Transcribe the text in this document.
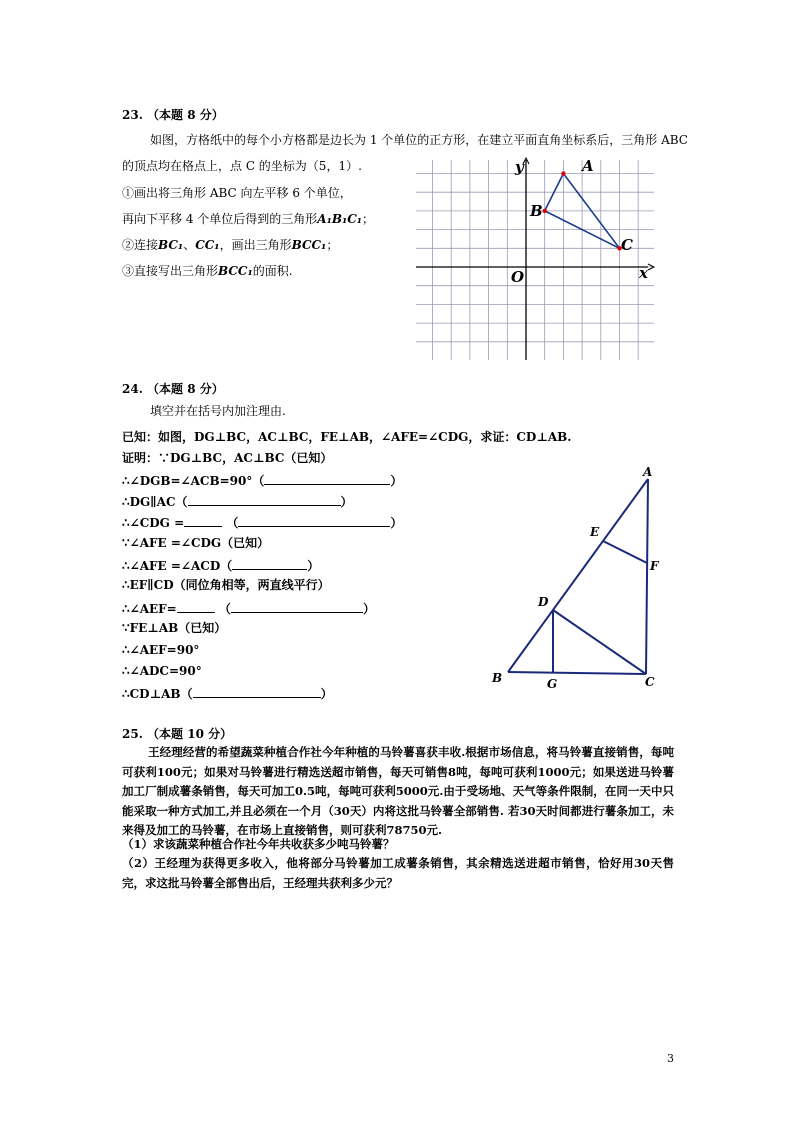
23. （本题 8 分）
如图，方格纸中的每个小方格都是边长为 1 个单位的正方形，在建立平面直角坐标系后，三角形 ABC
的顶点均在格点上，点 C 的坐标为（5，1）.
①画出将三角形 ABC 向左平移 6 个单位，
再向下平移 4 个单位后得到的三角形A₁B₁C₁；
②连接BC₁、CC₁，画出三角形BCC₁；
③直接写出三角形BCC₁的面积.
y
x
O
A
B
C
24. （本题 8 分）
填空并在括号内加注理由.
已知：如图，DG⊥BC，AC⊥BC，FE⊥AB，∠AFE=∠CDG，求证：CD⊥AB.
证明：∵DG⊥BC，AC⊥BC（已知）
∴∠DGB=∠ACB=90°（	）
∴DG∥AC（	）
∴∠CDG =	（	）
∵∠AFE =∠CDG（已知）
∴∠AFE =∠ACD（	）
∴EF∥CD（同位角相等，两直线平行）
∴∠AEF=	（	）
∵FE⊥AB（已知）
∴∠AEF=90°
∴∠ADC=90°
∴CD⊥AB（	）
A
B	C
D
E
F
G
25. （本题 10 分）
王经理经营的希望蔬菜种植合作社今年种植的马铃薯喜获丰收.根据市场信息，将马铃薯直接销售，每吨可获利100元；如果对马铃薯进行精选送超市销售，每天可销售8吨，每吨可获利1000元；如果送进马铃薯加工厂制成薯条销售，每天可加工0.5吨，每吨可获利5000元.由于受场地、天气等条件限制，在同一天中只能采取一种方式加工,并且必须在一个月（30天）内将这批马铃薯全部销售. 若30天时间都进行薯条加工，未来得及加工的马铃薯，在市场上直接销售，则可获利78750元.
（1）求该蔬菜种植合作社今年共收获多少吨马铃薯？
（2）王经理为获得更多收入，他将部分马铃薯加工成薯条销售，其余精选送进超市销售，恰好用30天售完，求这批马铃薯全部售出后，王经理共获利多少元？
3
